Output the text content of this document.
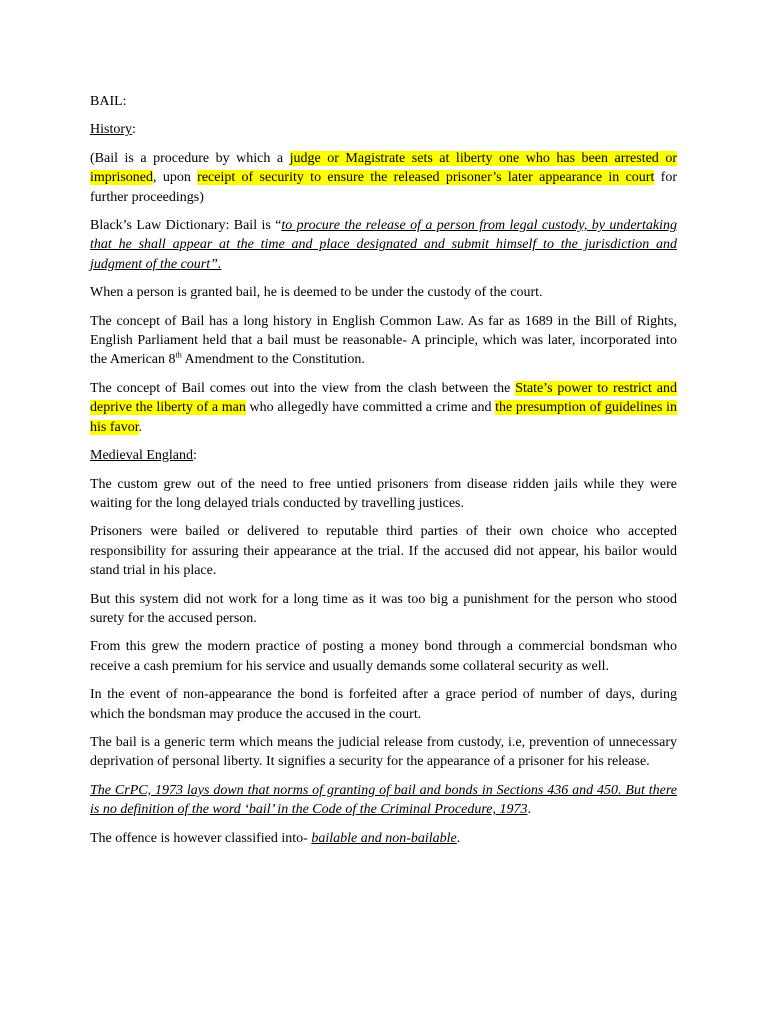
BAIL:

History:

(Bail is a procedure by which a judge or Magistrate sets at liberty one who has been arrested or imprisoned, upon receipt of security to ensure the released prisoner’s later appearance in court for further proceedings)

Black’s Law Dictionary: Bail is “to procure the release of a person from legal custody, by undertaking that he shall appear at the time and place designated and submit himself to the jurisdiction and judgment of the court”.

When a person is granted bail, he is deemed to be under the custody of the court.

The concept of Bail has a long history in English Common Law. As far as 1689 in the Bill of Rights, English Parliament held that a bail must be reasonable- A principle, which was later, incorporated into the American 8th Amendment to the Constitution.

The concept of Bail comes out into the view from the clash between the State’s power to restrict and deprive the liberty of a man who allegedly have committed a crime and the presumption of guidelines in his favor.

Medieval England:

The custom grew out of the need to free untied prisoners from disease ridden jails while they were waiting for the long delayed trials conducted by travelling justices.

Prisoners were bailed or delivered to reputable third parties of their own choice who accepted responsibility for assuring their appearance at the trial. If the accused did not appear, his bailor would stand trial in his place.

But this system did not work for a long time as it was too big a punishment for the person who stood surety for the accused person.

From this grew the modern practice of posting a money bond through a commercial bondsman who receive a cash premium for his service and usually demands some collateral security as well.

In the event of non-appearance the bond is forfeited after a grace period of number of days, during which the bondsman may produce the accused in the court.

The bail is a generic term which means the judicial release from custody, i.e, prevention of unnecessary deprivation of personal liberty. It signifies a security for the appearance of a prisoner for his release.

The CrPC, 1973 lays down that norms of granting of bail and bonds in Sections 436 and 450. But there is no definition of the word ‘bail’ in the Code of the Criminal Procedure, 1973.

The offence is however classified into- bailable and non-bailable.
